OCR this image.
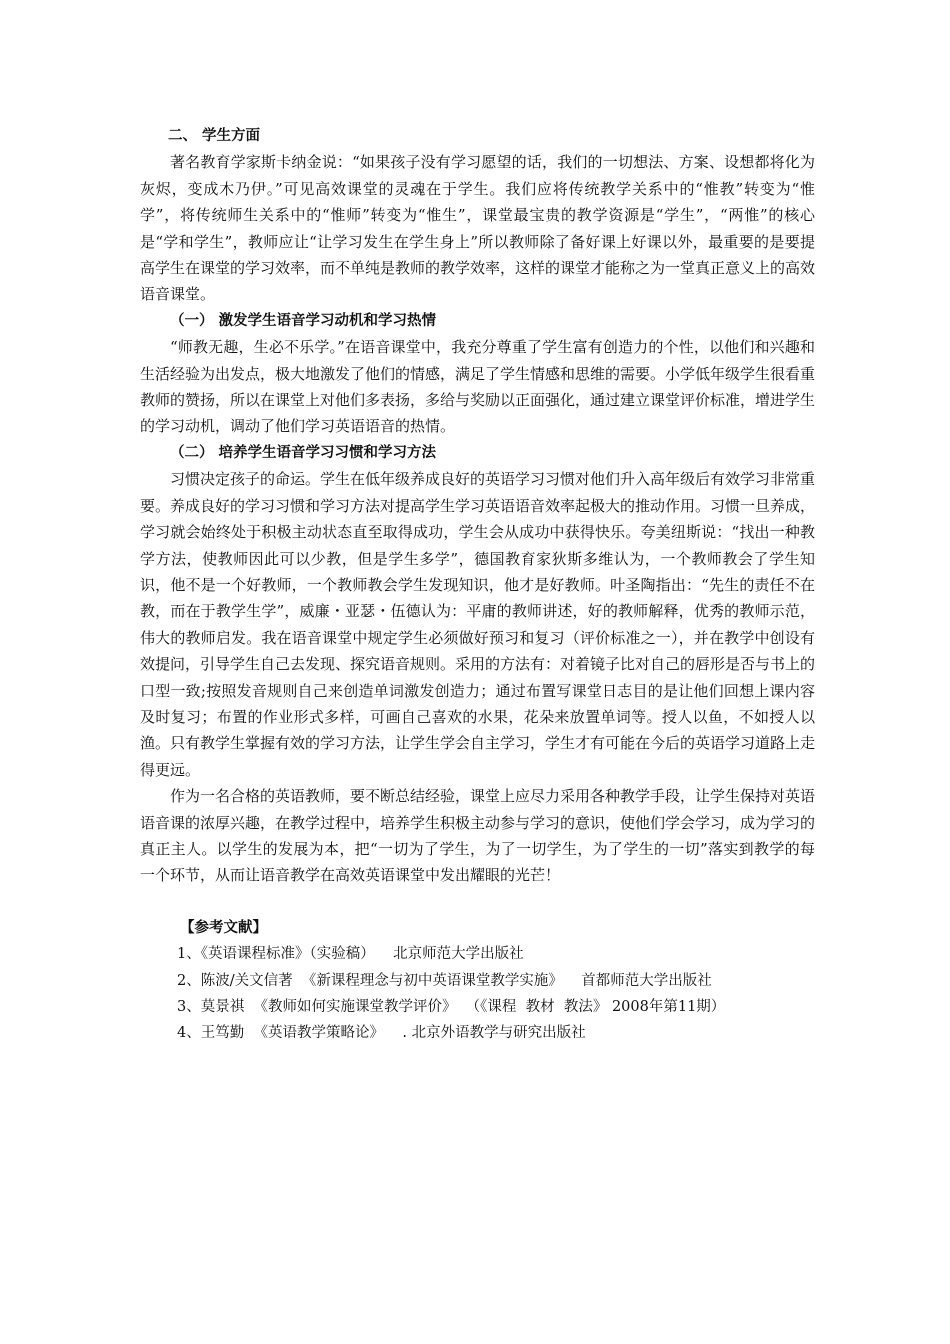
二、 学生方面

著名教育学家斯卡纳金说：“如果孩子没有学习愿望的话，我们的一切想法、方案、设想都将化为灰烬，变成木乃伊。”可见高效课堂的灵魂在于学生。我们应将传统教学关系中的“惟教”转变为“惟学”，将传统师生关系中的“惟师”转变为“惟生”，课堂最宝贵的教学资源是“学生”，“两惟”的核心是“学和学生”，教师应让“让学习发生在学生身上”所以教师除了备好课上好课以外，最重要的是要提高学生在课堂的学习效率，而不单纯是教师的教学效率，这样的课堂才能称之为一堂真正意义上的高效语音课堂。

（一） 激发学生语音学习动机和学习热情

“师教无趣，生必不乐学。”在语音课堂中，我充分尊重了学生富有创造力的个性，以他们和兴趣和生活经验为出发点，极大地激发了他们的情感，满足了学生情感和思维的需要。小学低年级学生很看重教师的赞扬，所以在课堂上对他们多表扬，多给与奖励以正面强化，通过建立课堂评价标准，增进学生的学习动机，调动了他们学习英语语音的热情。

（二） 培养学生语音学习习惯和学习方法

习惯决定孩子的命运。学生在低年级养成良好的英语学习习惯对他们升入高年级后有效学习非常重要。养成良好的学习习惯和学习方法对提高学生学习英语语音效率起极大的推动作用。习惯一旦养成，学习就会始终处于积极主动状态直至取得成功，学生会从成功中获得快乐。夸美纽斯说：“找出一种教学方法，使教师因此可以少教，但是学生多学”，德国教育家狄斯多维认为，一个教师教会了学生知识，他不是一个好教师，一个教师教会学生发现知识，他才是好教师。叶圣陶指出：“先生的责任不在教，而在于教学生学”，威廉・亚瑟・伍德认为：平庸的教师讲述，好的教师解释，优秀的教师示范，伟大的教师启发。我在语音课堂中规定学生必须做好预习和复习（评价标准之一），并在教学中创设有效提问，引导学生自己去发现、探究语音规则。采用的方法有：对着镜子比对自己的唇形是否与书上的口型一致;按照发音规则自己来创造单词激发创造力；通过布置写课堂日志目的是让他们回想上课内容及时复习；布置的作业形式多样，可画自己喜欢的水果，花朵来放置单词等。授人以鱼，不如授人以渔。只有教学生掌握有效的学习方法，让学生学会自主学习，学生才有可能在今后的英语学习道路上走得更远。

作为一名合格的英语教师，要不断总结经验，课堂上应尽力采用各种教学手段，让学生保持对英语语音课的浓厚兴趣，在教学过程中，培养学生积极主动参与学习的意识，使他们学会学习，成为学习的真正主人。以学生的发展为本，把“一切为了学生，为了一切学生，为了学生的一切”落实到教学的每一个环节，从而让语音教学在高效英语课堂中发出耀眼的光芒！

【参考文献】

1、《英语课程标准》（实验稿）    北京师范大学出版社

2、陈波/关文信著  《新课程理念与初中英语课堂教学实施》    首都师范大学出版社

3、莫景祺  《教师如何实施课堂教学评价》  （《课程  教材  教法》 2008年第11期）

4、王笃勤  《英语教学策略论》    . 北京外语教学与研究出版社
